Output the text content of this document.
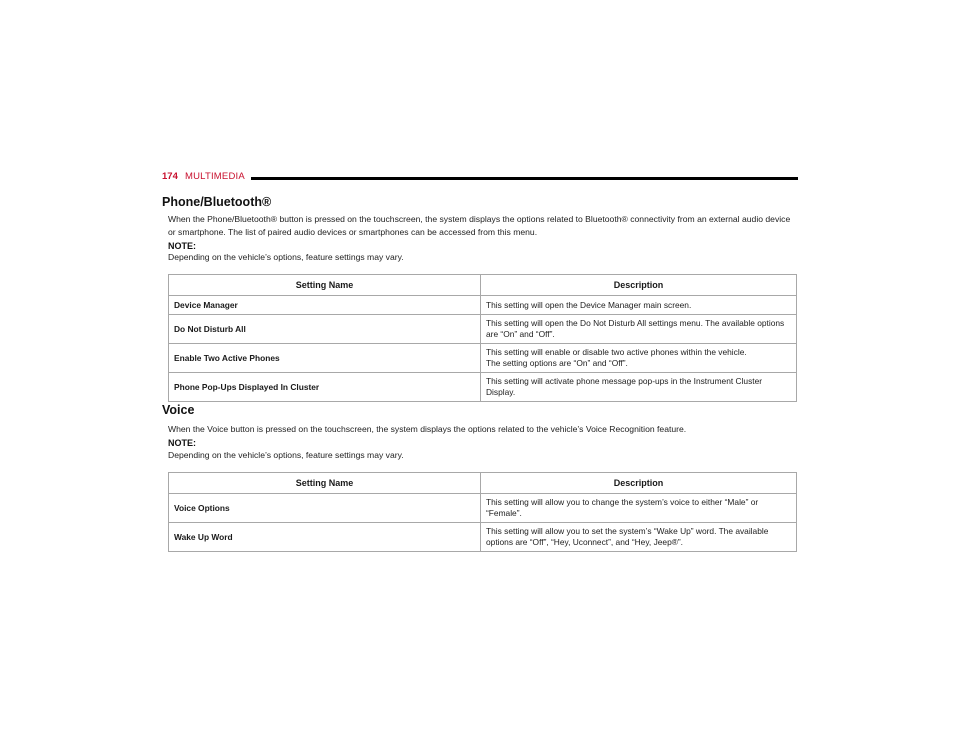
174 MULTIMEDIA
Phone/Bluetooth®
When the Phone/Bluetooth® button is pressed on the touchscreen, the system displays the options related to Bluetooth® connectivity from an external audio device or smartphone. The list of paired audio devices or smartphones can be accessed from this menu.
NOTE:
Depending on the vehicle’s options, feature settings may vary.
Setting Name	Description
Device Manager	This setting will open the Device Manager main screen.
Do Not Disturb All	This setting will open the Do Not Disturb All settings menu. The available options are “On” and “Off”.
Enable Two Active Phones	This setting will enable or disable two active phones within the vehicle.
The setting options are “On” and “Off”.

Phone Pop-Ups Displayed In Cluster	This setting will activate phone message pop-ups in the Instrument Cluster Display.
Voice
When the Voice button is pressed on the touchscreen, the system displays the options related to the vehicle’s Voice Recognition feature.
NOTE:
Depending on the vehicle’s options, feature settings may vary.
Setting Name	Description
Voice Options	This setting will allow you to change the system’s voice to either “Male” or “Female”.
Wake Up Word	This setting will allow you to set the system’s “Wake Up” word. The available options are “Off”, “Hey, Uconnect”, and “Hey, Jeep®”.
